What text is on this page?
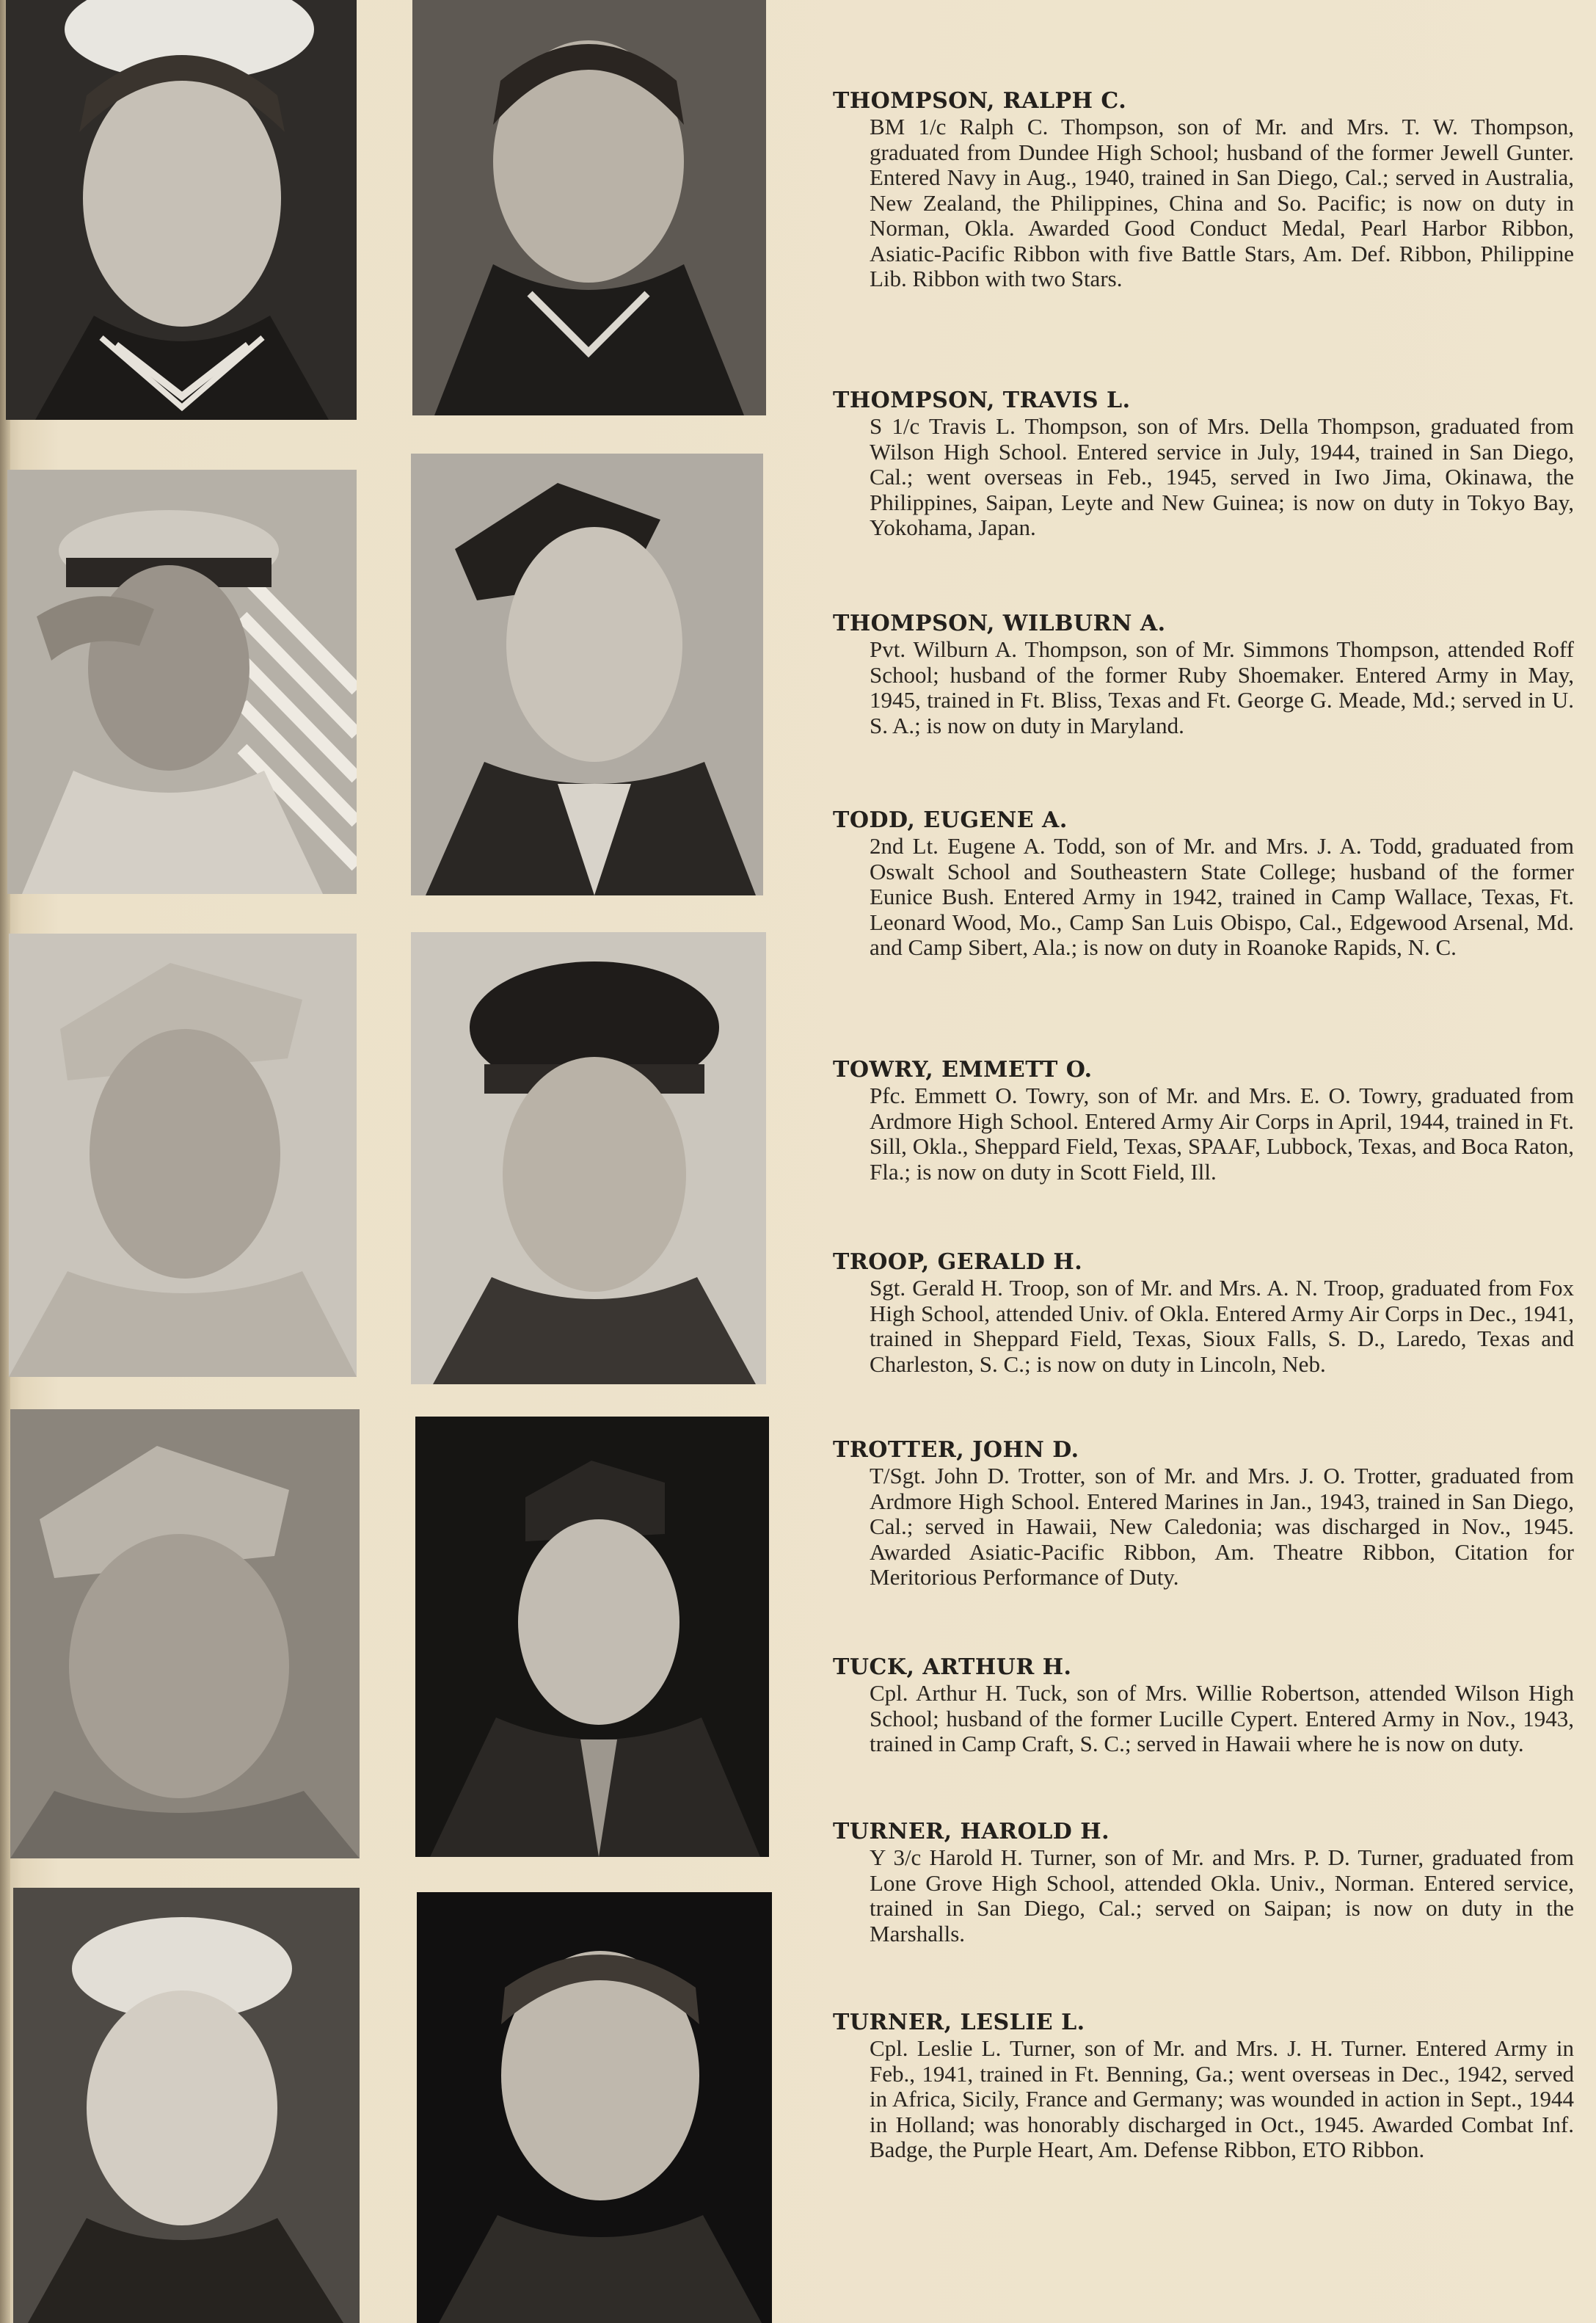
THOMPSON, RALPH C.

BM 1/c Ralph C. Thompson, son of Mr. and Mrs. T. W. Thompson, graduated from Dundee High School; husband of the former Jewell Gunter. Entered Navy in Aug., 1940, trained in San Diego, Cal.; served in Australia, New Zealand, the Philippines, China and So. Pacific; is now on duty in Norman, Okla. Awarded Good Conduct Medal, Pearl Harbor Ribbon, Asiatic-Pacific Ribbon with five Battle Stars, Am. Def. Ribbon, Philippine Lib. Ribbon with two Stars.

THOMPSON, TRAVIS L.

S 1/c Travis L. Thompson, son of Mrs. Della Thompson, graduated from Wilson High School. Entered service in July, 1944, trained in San Diego, Cal.; went overseas in Feb., 1945, served in Iwo Jima, Okinawa, the Philippines, Saipan, Leyte and New Guinea; is now on duty in Tokyo Bay, Yokohama, Japan.

THOMPSON, WILBURN A.

Pvt. Wilburn A. Thompson, son of Mr. Simmons Thompson, attended Roff School; husband of the former Ruby Shoemaker. Entered Army in May, 1945, trained in Ft. Bliss, Texas and Ft. George G. Meade, Md.; served in U. S. A.; is now on duty in Maryland.

TODD, EUGENE A.

2nd Lt. Eugene A. Todd, son of Mr. and Mrs. J. A. Todd, graduated from Oswalt School and Southeastern State College; husband of the former Eunice Bush. Entered Army in 1942, trained in Camp Wallace, Texas, Ft. Leonard Wood, Mo., Camp San Luis Obispo, Cal., Edgewood Arsenal, Md. and Camp Sibert, Ala.; is now on duty in Roanoke Rapids, N. C.

TOWRY, EMMETT O.

Pfc. Emmett O. Towry, son of Mr. and Mrs. E. O. Towry, graduated from Ardmore High School. Entered Army Air Corps in April, 1944, trained in Ft. Sill, Okla., Sheppard Field, Texas, SPAAF, Lubbock, Texas, and Boca Raton, Fla.; is now on duty in Scott Field, Ill.

TROOP, GERALD H.

Sgt. Gerald H. Troop, son of Mr. and Mrs. A. N. Troop, graduated from Fox High School, attended Univ. of Okla. Entered Army Air Corps in Dec., 1941, trained in Sheppard Field, Texas, Sioux Falls, S. D., Laredo, Texas and Charleston, S. C.; is now on duty in Lincoln, Neb.

TROTTER, JOHN D.

T/Sgt. John D. Trotter, son of Mr. and Mrs. J. O. Trotter, graduated from Ardmore High School. Entered Marines in Jan., 1943, trained in San Diego, Cal.; served in Hawaii, New Caledonia; was discharged in Nov., 1945. Awarded Asiatic-Pacific Ribbon, Am. Theatre Ribbon, Citation for Meritorious Performance of Duty.

TUCK, ARTHUR H.

Cpl. Arthur H. Tuck, son of Mrs. Willie Robertson, attended Wilson High School; husband of the former Lucille Cypert. Entered Army in Nov., 1943, trained in Camp Craft, S. C.; served in Hawaii where he is now on duty.

TURNER, HAROLD H.

Y 3/c Harold H. Turner, son of Mr. and Mrs. P. D. Turner, graduated from Lone Grove High School, attended Okla. Univ., Norman. Entered service, trained in San Diego, Cal.; served on Saipan; is now on duty in the Marshalls.

TURNER, LESLIE L.

Cpl. Leslie L. Turner, son of Mr. and Mrs. J. H. Turner. Entered Army in Feb., 1941, trained in Ft. Benning, Ga.; went overseas in Dec., 1942, served in Africa, Sicily, France and Germany; was wounded in action in Sept., 1944 in Holland; was honorably discharged in Oct., 1945. Awarded Combat Inf. Badge, the Purple Heart, Am. Defense Ribbon, ETO Ribbon.
